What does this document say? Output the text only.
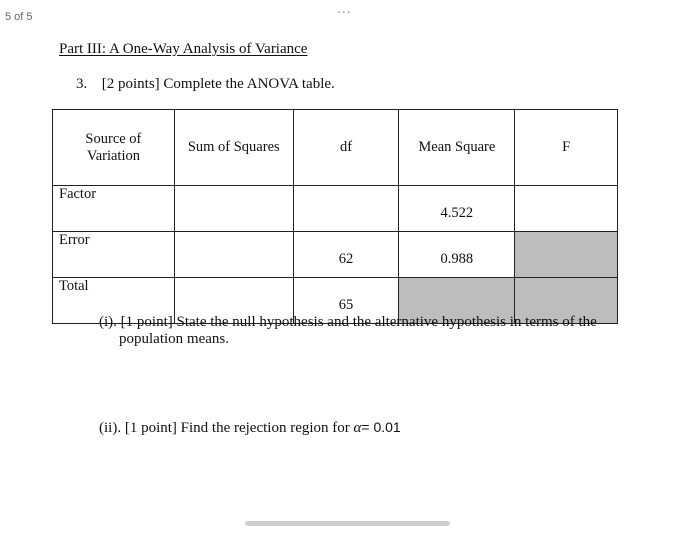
5 of 5
...
Part III: A One-Way Analysis of Variance
3. [2 points] Complete the ANOVA table.
Source of
Variation	Sum of Squares	df	Mean Square	F
Factor			4.522	
Error		62	0.988	
Total		65		
(i). [1 point] State the null hypothesis and the alternative hypothesis in terms of the
population means.
(ii). [1 point] Find the rejection region for α= 0.01
